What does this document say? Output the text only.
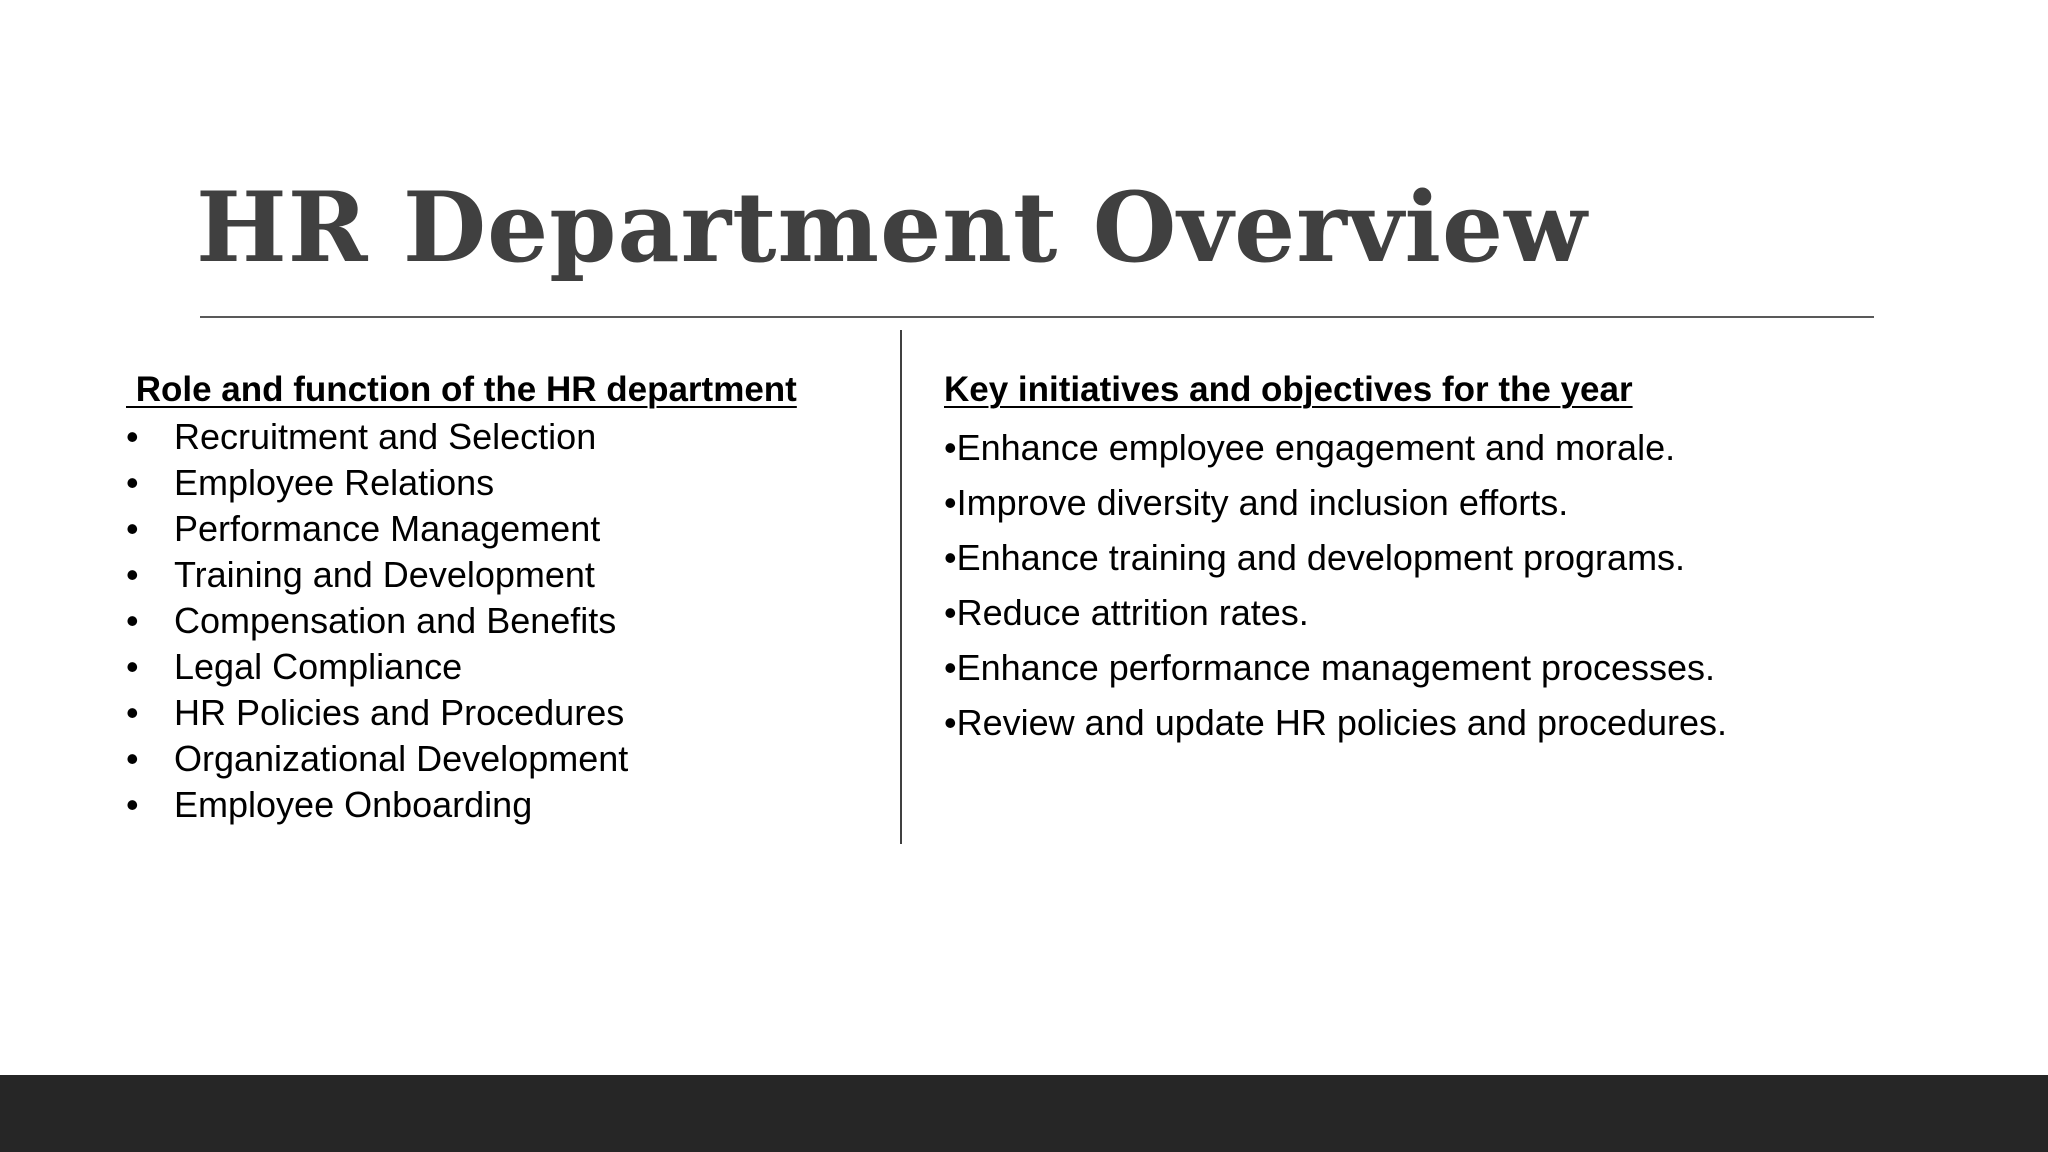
HR Department Overview

Role and function of the HR department

• Recruitment and Selection
• Employee Relations
• Performance Management
• Training and Development
• Compensation and Benefits
• Legal Compliance
• HR Policies and Procedures
• Organizational Development
• Employee Onboarding

Key initiatives and objectives for the year

•Enhance employee engagement and morale.
•Improve diversity and inclusion efforts.
•Enhance training and development programs.
•Reduce attrition rates.
•Enhance performance management processes.
•Review and update HR policies and procedures.
